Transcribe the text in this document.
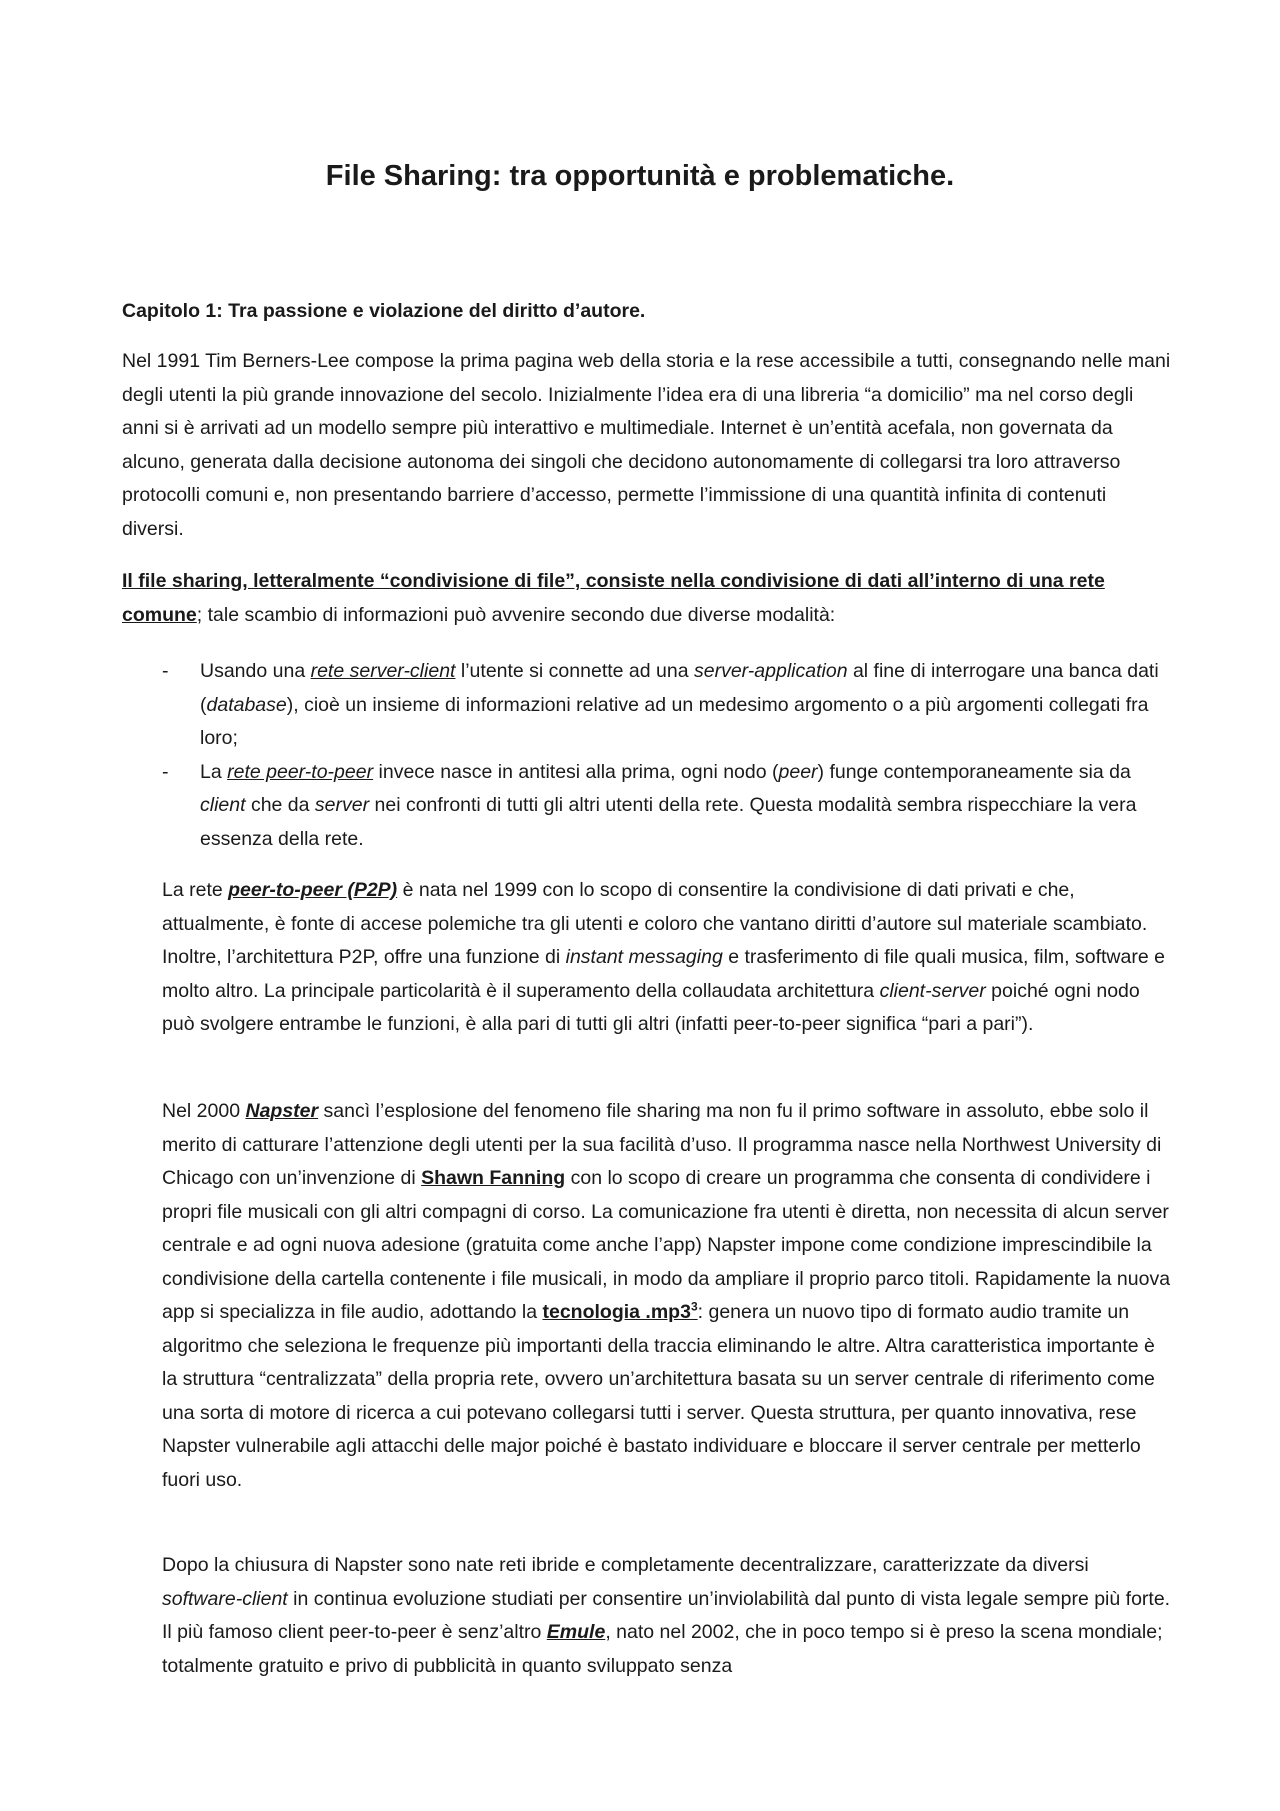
File Sharing: tra opportunità e problematiche.
Capitolo 1: Tra passione e violazione del diritto d’autore.

Nel 1991 Tim Berners-Lee compose la prima pagina web della storia e la rese accessibile a tutti, consegnando nelle mani degli utenti la più grande innovazione del secolo. Inizialmente l’idea era di una libreria “a domicilio” ma nel corso degli anni si è arrivati ad un modello sempre più interattivo e multimediale. Internet è un’entità acefala, non governata da alcuno, generata dalla decisione autonoma dei singoli che decidono autonomamente di collegarsi tra loro attraverso protocolli comuni e, non presentando barriere d’accesso, permette l’immissione di una quantità infinita di contenuti diversi.

Il file sharing, letteralmente “condivisione di file”, consiste nella condivisione di dati all’interno di una rete comune; tale scambio di informazioni può avvenire secondo due diverse modalità:

- Usando una rete server-client l’utente si connette ad una server-application al fine di interrogare una banca dati (database), cioè un insieme di informazioni relative ad un medesimo argomento o a più argomenti collegati fra loro;
- La rete peer-to-peer invece nasce in antitesi alla prima, ogni nodo (peer) funge contemporaneamente sia da client che da server nei confronti di tutti gli altri utenti della rete. Questa modalità sembra rispecchiare la vera essenza della rete.

La rete peer-to-peer (P2P) è nata nel 1999 con lo scopo di consentire la condivisione di dati privati e che, attualmente, è fonte di accese polemiche tra gli utenti e coloro che vantano diritti d’autore sul materiale scambiato. Inoltre, l’architettura P2P, offre una funzione di instant messaging e trasferimento di file quali musica, film, software e molto altro. La principale particolarità è il superamento della collaudata architettura client-server poiché ogni nodo può svolgere entrambe le funzioni, è alla pari di tutti gli altri (infatti peer-to-peer significa “pari a pari”).

Nel 2000 Napster sancì l’esplosione del fenomeno file sharing ma non fu il primo software in assoluto, ebbe solo il merito di catturare l’attenzione degli utenti per la sua facilità d’uso. Il programma nasce nella Northwest University di Chicago con un’invenzione di Shawn Fanning con lo scopo di creare un programma che consenta di condividere i propri file musicali con gli altri compagni di corso. La comunicazione fra utenti è diretta, non necessita di alcun server centrale e ad ogni nuova adesione (gratuita come anche l’app) Napster impone come condizione imprescindibile la condivisione della cartella contenente i file musicali, in modo da ampliare il proprio parco titoli. Rapidamente la nuova app si specializza in file audio, adottando la tecnologia $.mp3^3$: genera un nuovo tipo di formato audio tramite un algoritmo che seleziona le frequenze più importanti della traccia eliminando le altre. Altra caratteristica importante è la struttura “centralizzata” della propria rete, ovvero un’architettura basata su un server centrale di riferimento come una sorta di motore di ricerca a cui potevano collegarsi tutti i server. Questa struttura, per quanto innovativa, rese Napster vulnerabile agli attacchi delle major poiché è bastato individuare e bloccare il server centrale per metterlo fuori uso.

Dopo la chiusura di Napster sono nate reti ibride e completamente decentralizzare, caratterizzate da diversi software-client in continua evoluzione studiati per consentire un’inviolabilità dal punto di vista legale sempre più forte. Il più famoso client peer-to-peer è senz’altro Emule, nato nel 2002, che in poco tempo si è preso la scena mondiale; totalmente gratuito e privo di pubblicità in quanto sviluppato senza
